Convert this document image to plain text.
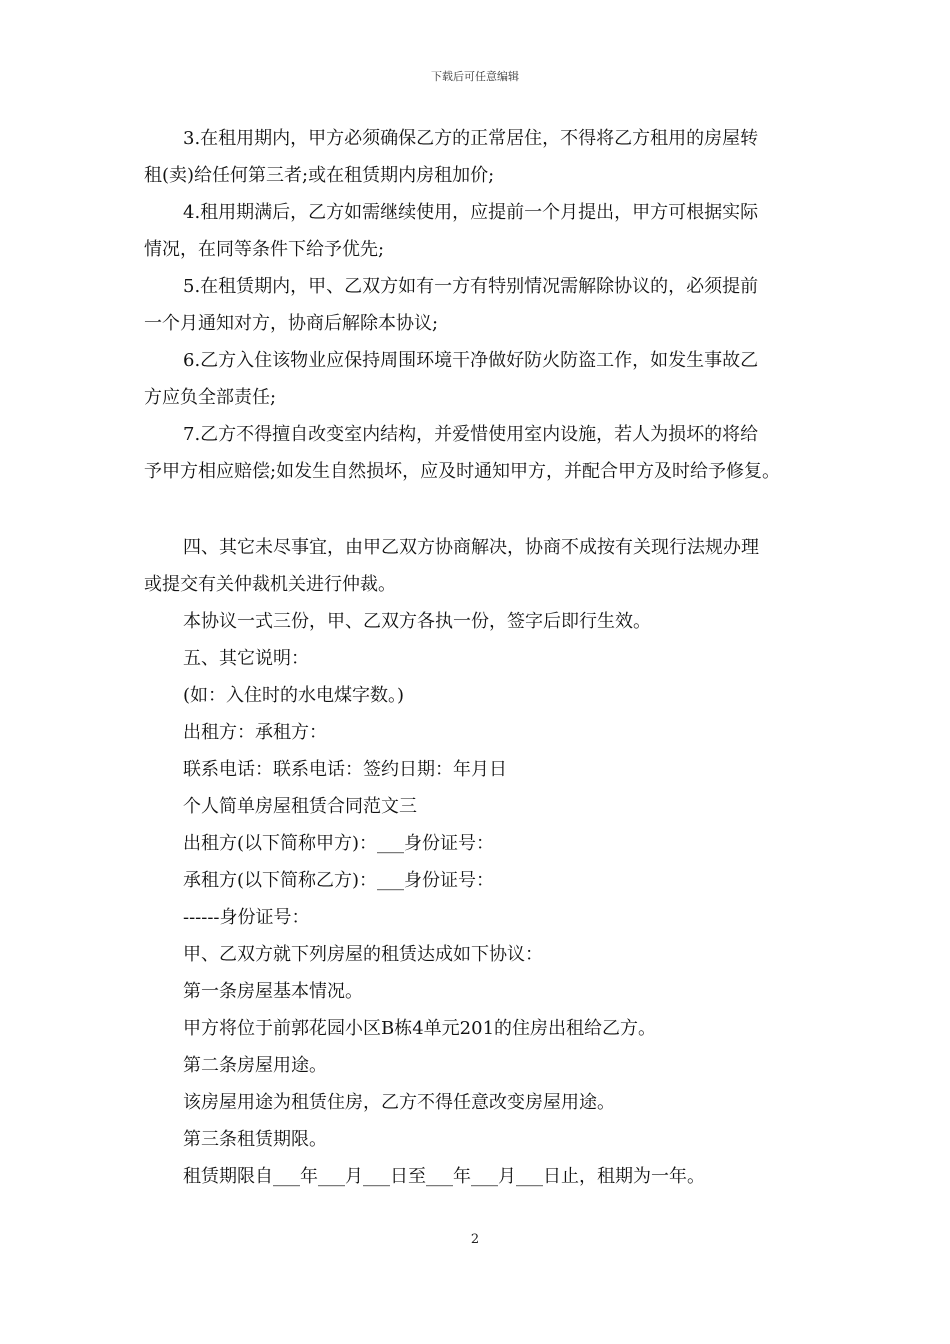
下载后可任意编辑
3.在租用期内，甲方必须确保乙方的正常居住，不得将乙方租用的房屋转
租(卖)给任何第三者;或在租赁期内房租加价;
4.租用期满后，乙方如需继续使用，应提前一个月提出，甲方可根据实际
情况，在同等条件下给予优先;
5.在租赁期内，甲、乙双方如有一方有特别情况需解除协议的，必须提前
一个月通知对方，协商后解除本协议;
6.乙方入住该物业应保持周围环境干净做好防火防盗工作，如发生事故乙
方应负全部责任;
7.乙方不得擅自改变室内结构，并爱惜使用室内设施，若人为损坏的将给
予甲方相应赔偿;如发生自然损坏，应及时通知甲方，并配合甲方及时给予修复。
四、其它未尽事宜，由甲乙双方协商解决，协商不成按有关现行法规办理
或提交有关仲裁机关进行仲裁。
本协议一式三份，甲、乙双方各执一份，签字后即行生效。
五、其它说明：
(如：入住时的水电煤字数。)
出租方：承租方：
联系电话：联系电话：签约日期：年月日
个人简单房屋租赁合同范文三
出租方(以下简称甲方)：___身份证号：
承租方(以下简称乙方)：___身份证号：
------身份证号：
甲、乙双方就下列房屋的租赁达成如下协议：
第一条房屋基本情况。
甲方将位于前郭花园小区B栋4单元201的住房出租给乙方。
第二条房屋用途。
该房屋用途为租赁住房，乙方不得任意改变房屋用途。
第三条租赁期限。
租赁期限自___年___月___日至___年___月___日止，租期为一年。
2
